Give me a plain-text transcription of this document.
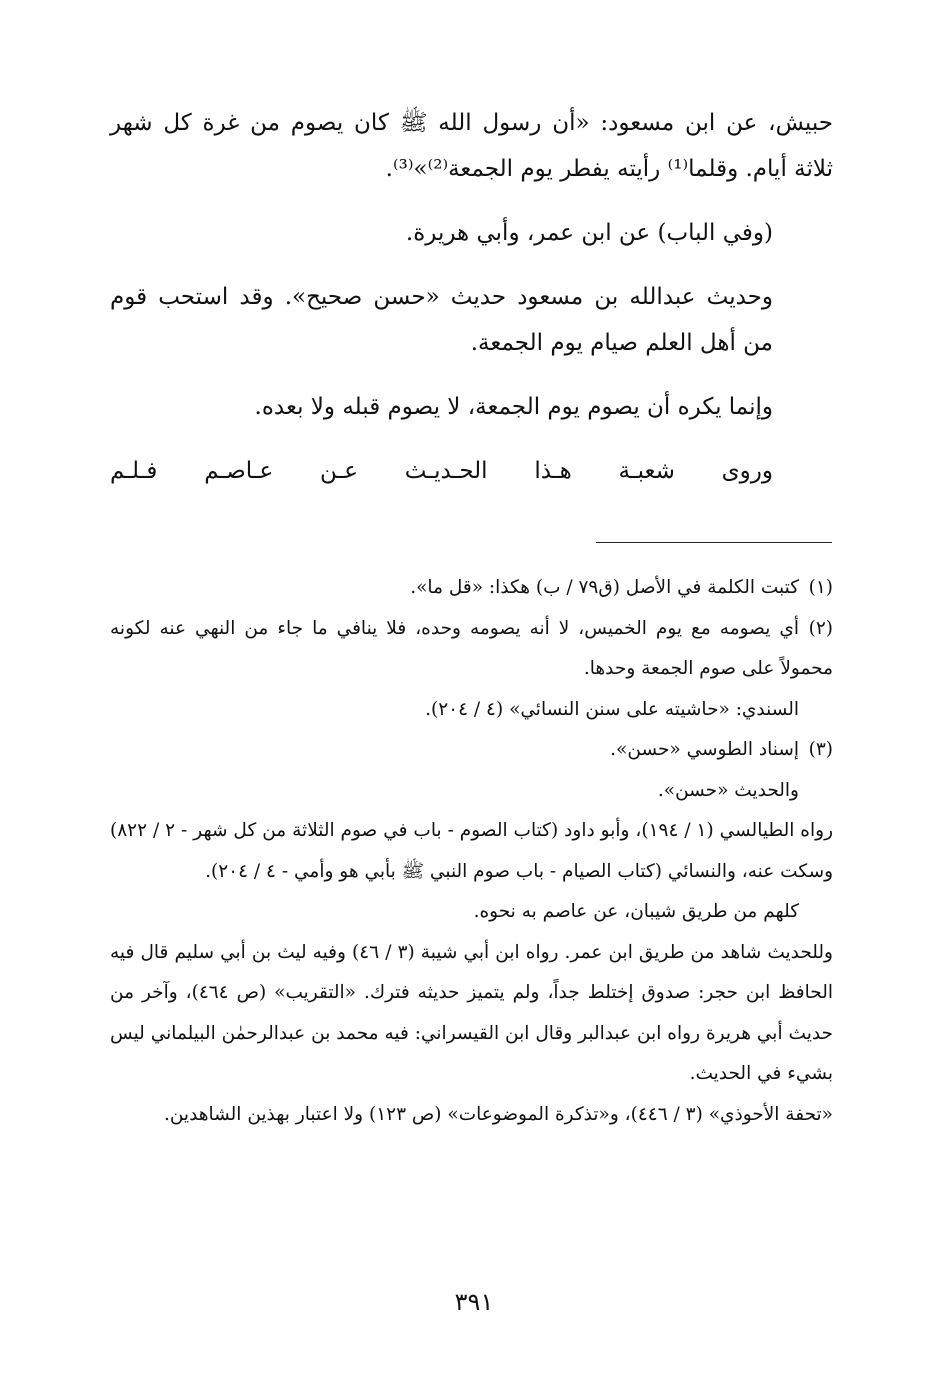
حبيش، عن ابن مسعود: «أن رسول الله ﷺ كان يصوم من غرة كل شهر ثلاثة أيام. وقلما⁽¹⁾ رأيته يفطر يوم الجمعة⁽²⁾»⁽³⁾.

(وفي الباب) عن ابن عمر، وأبي هريرة.

وحديث عبدالله بن مسعود حديث «حسن صحيح». وقد استحب قوم من أهل العلم صيام يوم الجمعة.

وإنما يكره أن يصوم يوم الجمعة، لا يصوم قبله ولا بعده.

وروى شعبـة هـذا الحـديـث عـن عـاصـم فـلـم

(١)كتبت الكلمة في الأصل (ق٧٩ / ب) هكذا: «قل ما».

(٢)أي يصومه مع يوم الخميس، لا أنه يصومه وحده، فلا ينافي ما جاء من النهي عنه لكونه محمولاً على صوم الجمعة وحدها.

السندي: «حاشيته على سنن النسائي» (٤ / ٢٠٤).

(٣)إسناد الطوسي «حسن».

والحديث «حسن».

رواه الطيالسي (١ / ١٩٤)، وأبو داود (كتاب الصوم - باب في صوم الثلاثة من كل شهر - ٢ / ٨٢٢) وسكت عنه، والنسائي (كتاب الصيام - باب صوم النبي ﷺ بأبي هو وأمي - ٤ / ٢٠٤).

كلهم من طريق شيبان، عن عاصم به نحوه.

وللحديث شاهد من طريق ابن عمر. رواه ابن أبي شيبة (٣ / ٤٦) وفيه ليث بن أبي سليم قال فيه الحافظ ابن حجر: صدوق إختلط جداً، ولم يتميز حديثه فترك. «التقريب» (ص ٤٦٤)، وآخر من حديث أبي هريرة رواه ابن عبدالبر وقال ابن القيسراني: فيه محمد بن عبدالرحمٰن البيلماني ليس بشيء في الحديث.

«تحفة الأحوذي» (٣ / ٤٤٦)، و«تذكرة الموضوعات» (ص ١٢٣) ولا اعتبار بهذين الشاهدين.

٣٩١
